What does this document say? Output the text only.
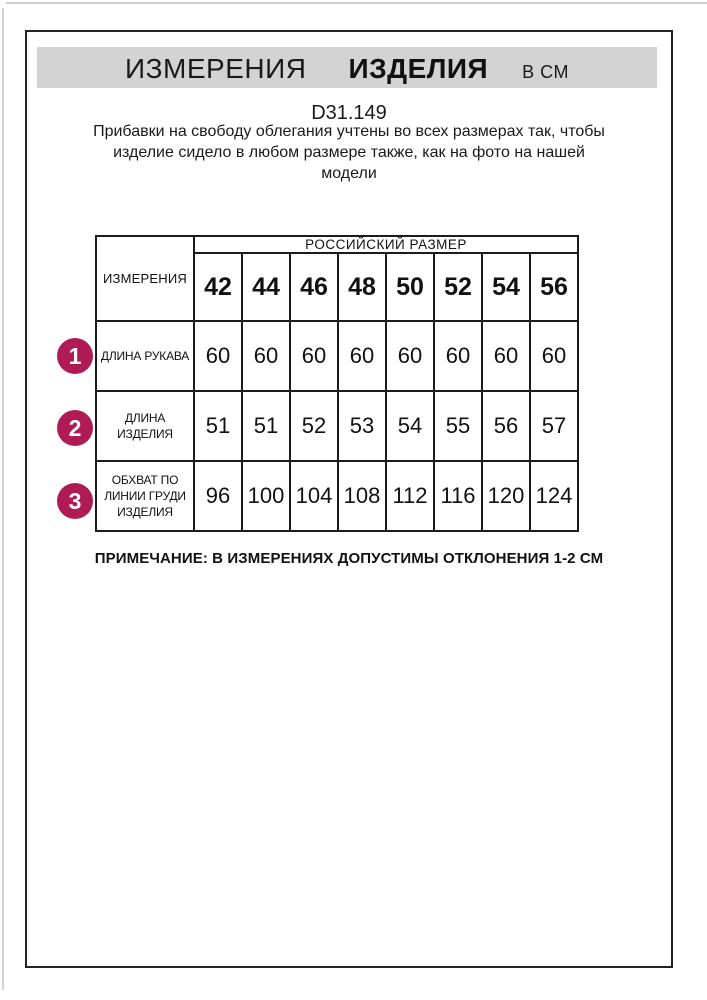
ИЗМЕРЕНИЯ ИЗДЕЛИЯ В СМ
D31.149
Прибавки на свободу облегания учтены во всех размерах так, чтобы
изделие сидело в любом размере также, как на фото на нашей
модели
ИЗМЕРЕНИЯ	РОССИЙСКИЙ РАЗМЕР							
	42	44	46	48	50	52	54	56
ДЛИНА РУКАВА	60	60	60	60	60	60	60	60
ДЛИНА ИЗДЕЛИЯ	51	51	52	53	54	55	56	57
ОБХВАТ ПО ЛИНИИ ГРУДИ ИЗДЕЛИЯ	96	100	104	108	112	116	120	124
1
2
3
ПРИМЕЧАНИЕ: В ИЗМЕРЕНИЯХ ДОПУСТИМЫ ОТКЛОНЕНИЯ 1-2 СМ
